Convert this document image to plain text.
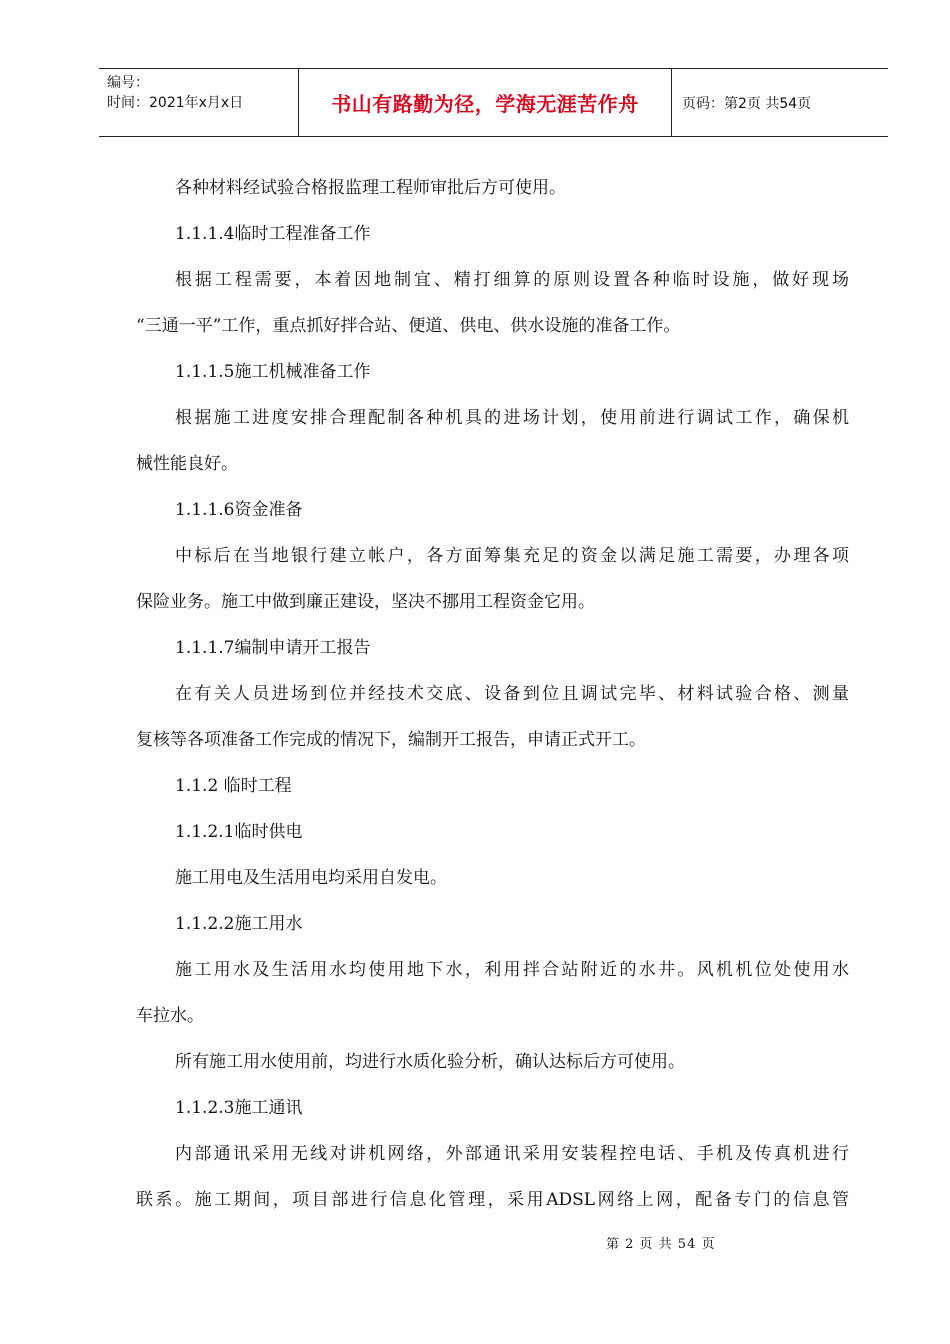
编号：
时间：2021年x月x日	书山有路勤为径，学海无涯苦作舟	页码：第2页 共54页
各种材料经试验合格报监理工程师审批后方可使用。
1.1.1.4临时工程准备工作
根据工程需要，本着因地制宜、精打细算的原则设置各种临时设施，做好现场
“三通一平”工作，重点抓好拌合站、便道、供电、供水设施的准备工作。
1.1.1.5施工机械准备工作
根据施工进度安排合理配制各种机具的进场计划，使用前进行调试工作，确保机
械性能良好。
1.1.1.6资金准备
中标后在当地银行建立帐户，各方面筹集充足的资金以满足施工需要，办理各项
保险业务。施工中做到廉正建设，坚决不挪用工程资金它用。
1.1.1.7编制申请开工报告
在有关人员进场到位并经技术交底、设备到位且调试完毕、材料试验合格、测量
复核等各项准备工作完成的情况下，编制开工报告，申请正式开工。
1.1.2 临时工程
1.1.2.1临时供电
施工用电及生活用电均采用自发电。
1.1.2.2施工用水
施工用水及生活用水均使用地下水，利用拌合站附近的水井。风机机位处使用水
车拉水。
所有施工用水使用前，均进行水质化验分析，确认达标后方可使用。
1.1.2.3施工通讯
内部通讯采用无线对讲机网络，外部通讯采用安装程控电话、手机及传真机进行
联系。施工期间，项目部进行信息化管理，采用ADSL网络上网，配备专门的信息管
第 2 页 共 54 页
